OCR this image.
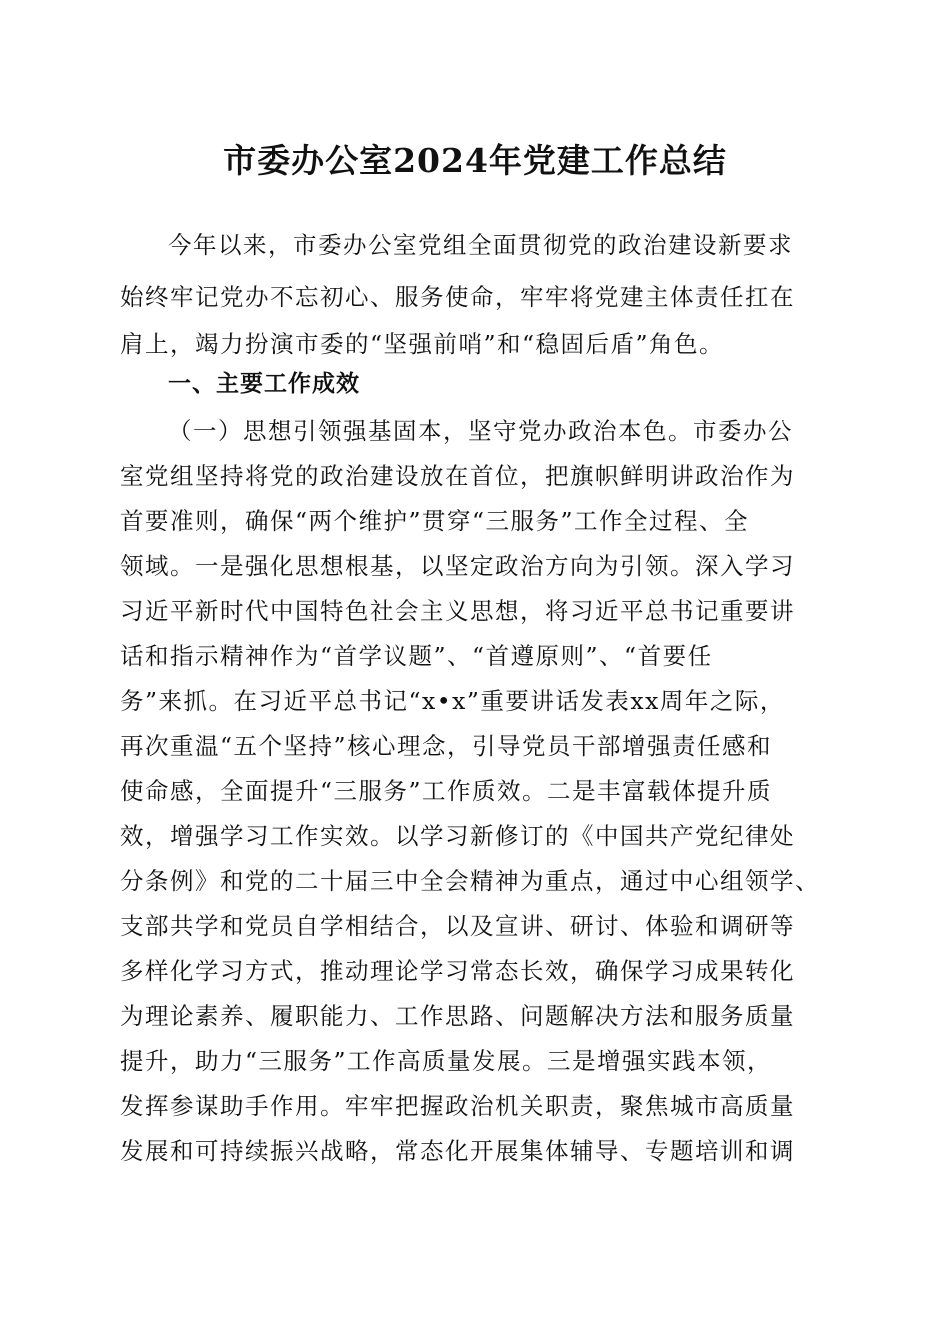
市委办公室2024年党建工作总结
今年以来，市委办公室党组全面贯彻党的政治建设新要求
始终牢记党办不忘初心、服务使命，牢牢将党建主体责任扛在
肩上，竭力扮演市委的“坚强前哨”和“稳固后盾”角色。
一、主要工作成效
（一）思想引领强基固本，坚守党办政治本色。市委办公
室党组坚持将党的政治建设放在首位，把旗帜鲜明讲政治作为
首要准则，确保“两个维护”贯穿“三服务”工作全过程、全
领域。一是强化思想根基，以坚定政治方向为引领。深入学习
习近平新时代中国特色社会主义思想，将习近平总书记重要讲
话和指示精神作为“首学议题”、“首遵原则”、“首要任
务”来抓。在习近平总书记“x•x”重要讲话发表xx周年之际，
再次重温“五个坚持”核心理念，引导党员干部增强责任感和
使命感，全面提升“三服务”工作质效。二是丰富载体提升质
效，增强学习工作实效。以学习新修订的《中国共产党纪律处
分条例》和党的二十届三中全会精神为重点，通过中心组领学、
支部共学和党员自学相结合，以及宣讲、研讨、体验和调研等
多样化学习方式，推动理论学习常态长效，确保学习成果转化
为理论素养、履职能力、工作思路、问题解决方法和服务质量
提升，助力“三服务”工作高质量发展。三是增强实践本领，
发挥参谋助手作用。牢牢把握政治机关职责，聚焦城市高质量
发展和可持续振兴战略，常态化开展集体辅导、专题培训和调
